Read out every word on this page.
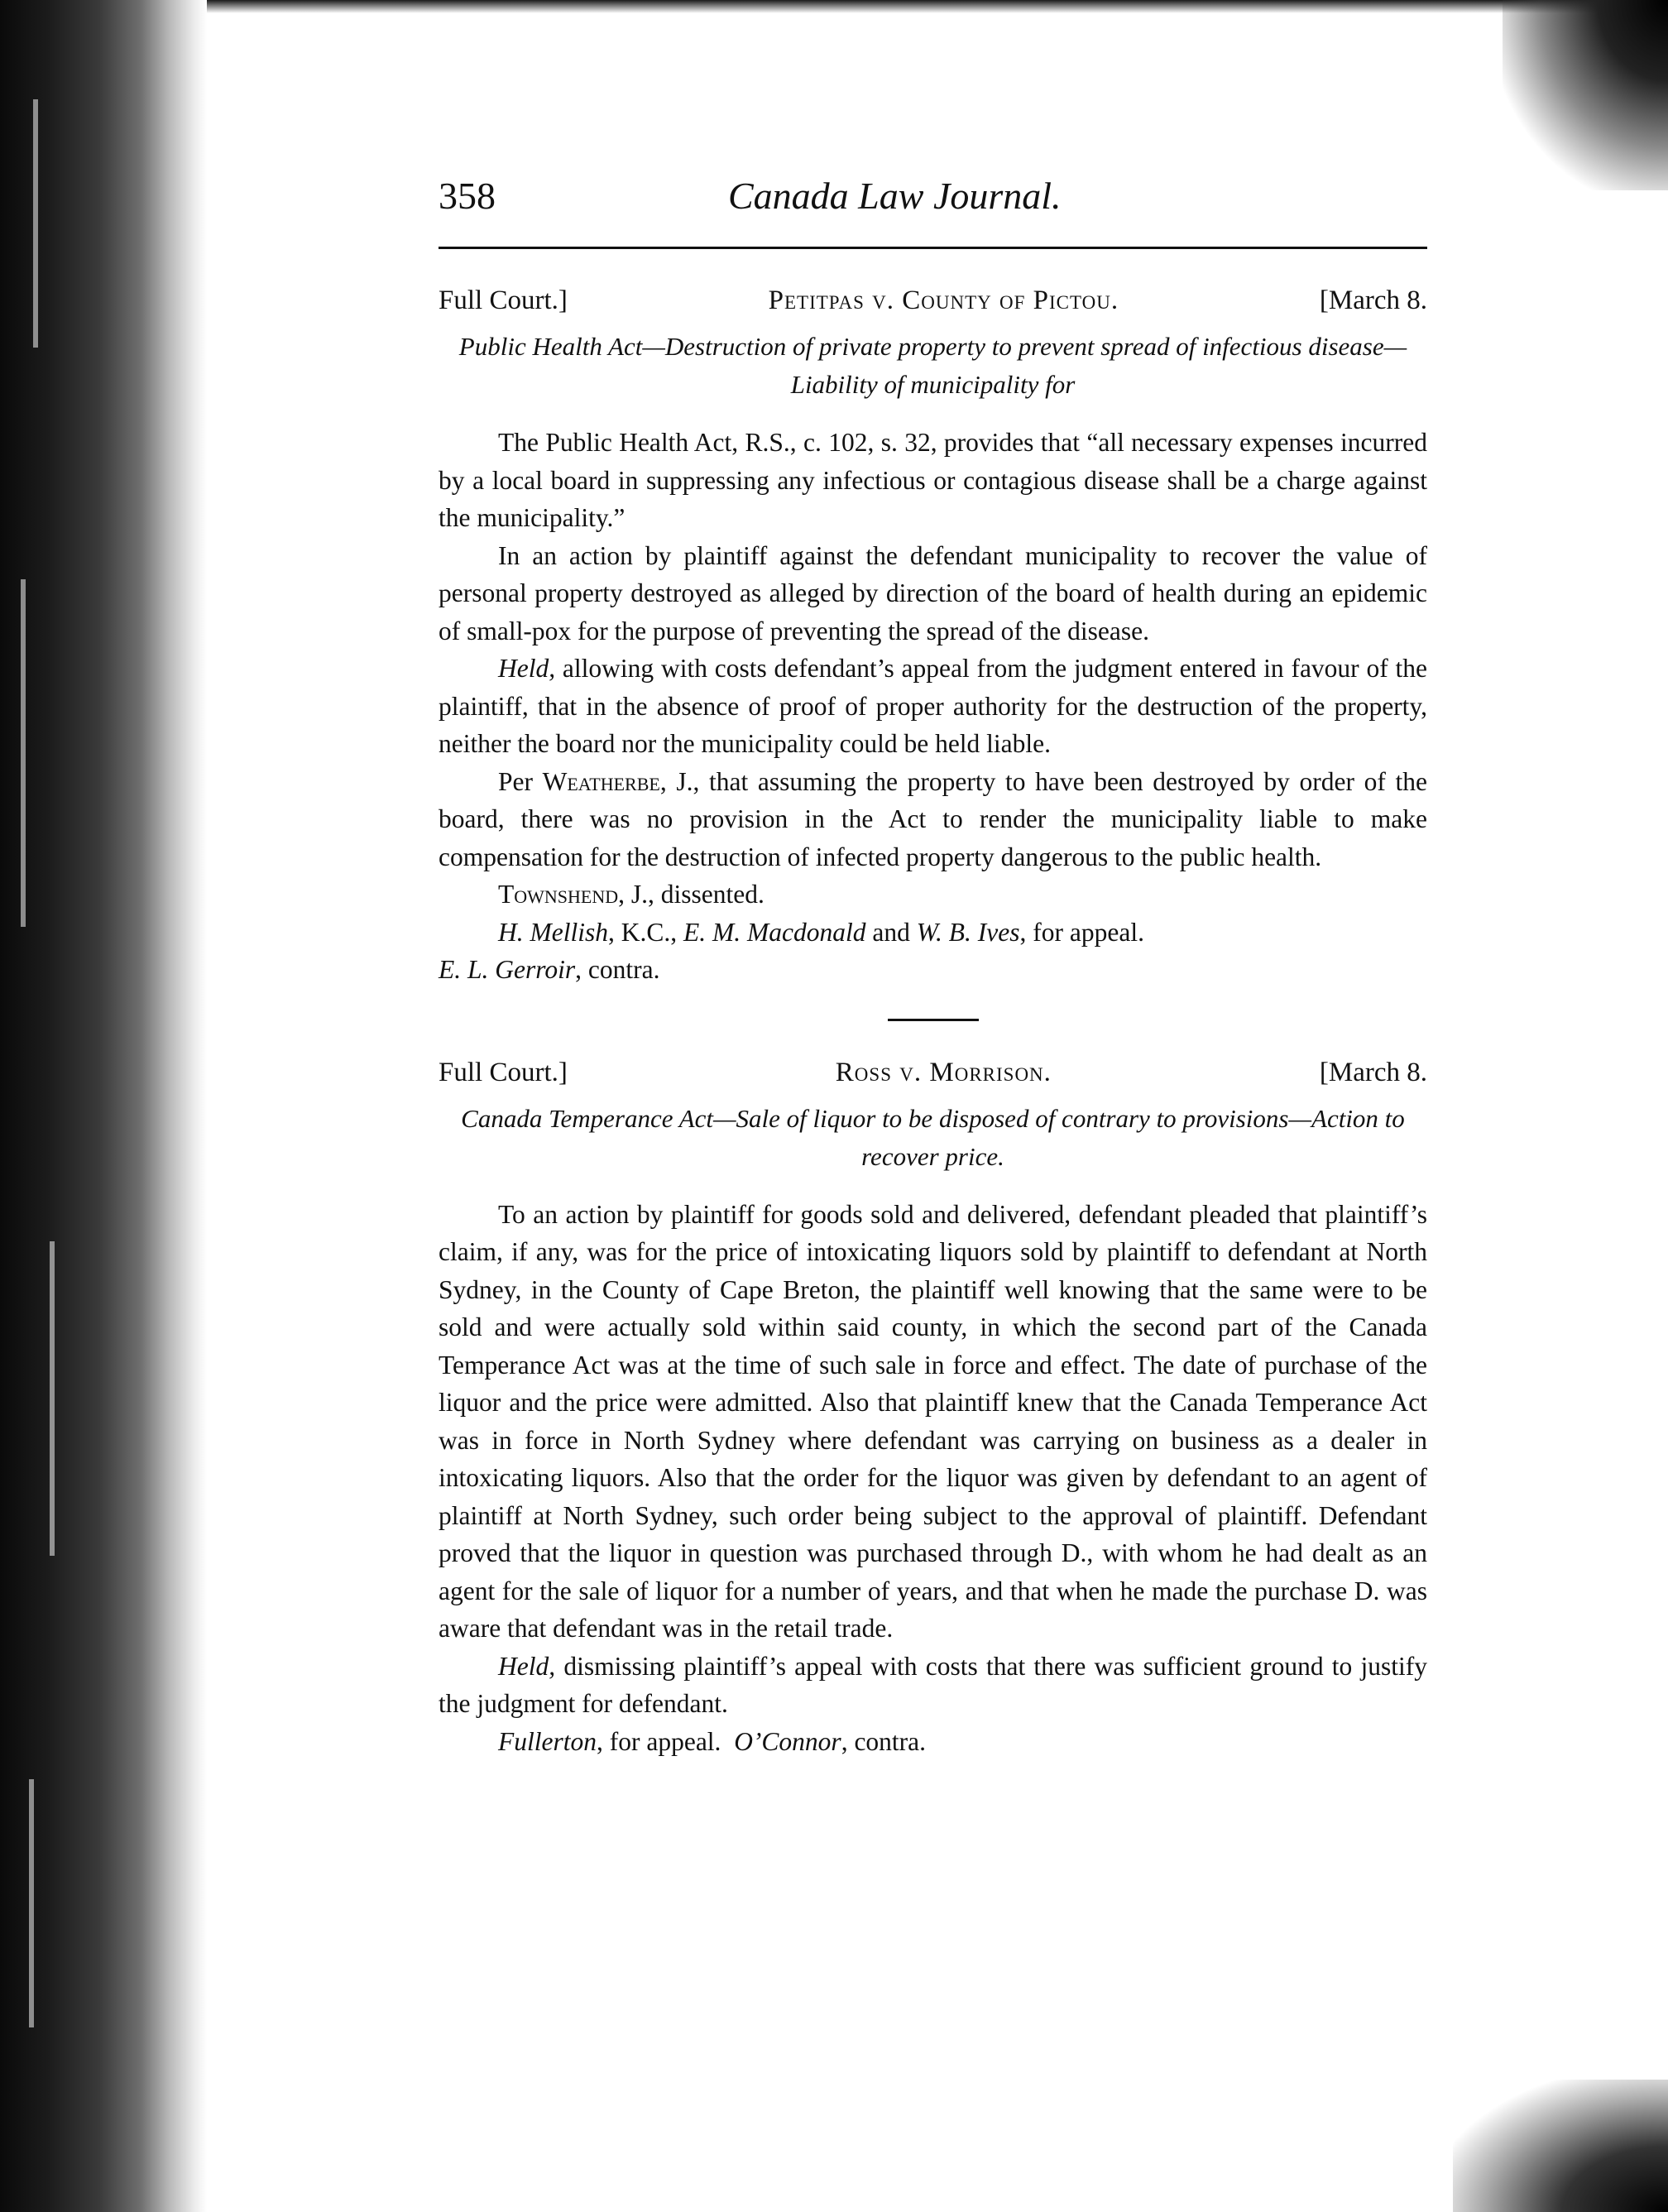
358	Canada Law Journal.
Full Court.]	Petitpas v. County of Pictou.	[March 8.
Public Health Act—Destruction of private property to prevent spread of infectious disease—Liability of municipality for

The Public Health Act, R.S., c. 102, s. 32, provides that “all necessary expenses incurred by a local board in suppressing any infectious or contagious disease shall be a charge against the municipality.”

In an action by plaintiff against the defendant municipality to recover the value of personal property destroyed as alleged by direction of the board of health during an epidemic of small-pox for the purpose of preventing the spread of the disease.

Held, allowing with costs defendant’s appeal from the judgment entered in favour of the plaintiff, that in the absence of proof of proper authority for the destruction of the property, neither the board nor the municipality could be held liable.

Per Weatherbe, J., that assuming the property to have been destroyed by order of the board, there was no provision in the Act to render the municipality liable to make compensation for the destruction of infected property dangerous to the public health.

Townshend, J., dissented.

H. Mellish, K.C., E. M. Macdonald and W. B. Ives, for appeal.

E. L. Gerroir, contra.

Full Court.]	Ross v. Morrison.	[March 8.
Canada Temperance Act—Sale of liquor to be disposed of contrary to provisions—Action to recover price.

To an action by plaintiff for goods sold and delivered, defendant pleaded that plaintiff’s claim, if any, was for the price of intoxicating liquors sold by plaintiff to defendant at North Sydney, in the County of Cape Breton, the plaintiff well knowing that the same were to be sold and were actually sold within said county, in which the second part of the Canada Temperance Act was at the time of such sale in force and effect. The date of purchase of the liquor and the price were admitted. Also that plaintiff knew that the Canada Temperance Act was in force in North Sydney where defendant was carrying on business as a dealer in intoxicating liquors. Also that the order for the liquor was given by defendant to an agent of plaintiff at North Sydney, such order being subject to the approval of plaintiff. Defendant proved that the liquor in question was purchased through D., with whom he had dealt as an agent for the sale of liquor for a number of years, and that when he made the purchase D. was aware that defendant was in the retail trade.

Held, dismissing plaintiff’s appeal with costs that there was sufficient ground to justify the judgment for defendant.

Fullerton, for appeal.  O’Connor, contra.
